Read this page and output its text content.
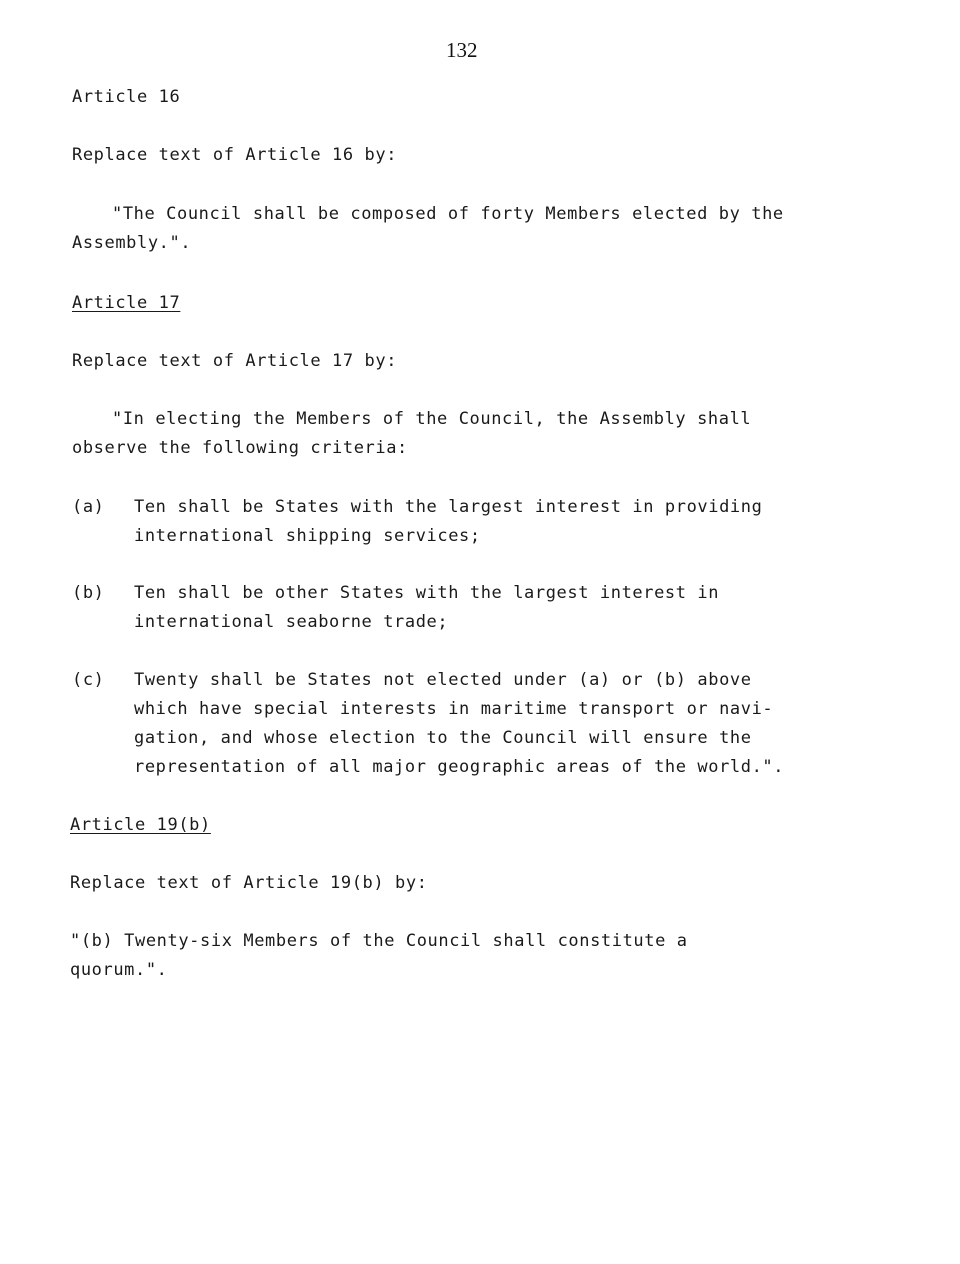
132
Article 16
Replace text of Article 16 by:
"The Council shall be composed of forty Members elected by the
Assembly.".
Article 17
Replace text of Article 17 by:
"In electing the Members of the Council, the Assembly shall
observe the following criteria:
(a) Ten shall be States with the largest interest in providing
international shipping services;
(b) Ten shall be other States with the largest interest in
international seaborne trade;
(c) Twenty shall be States not elected under (a) or (b) above
which have special interests in maritime transport or navi-
gation, and whose election to the Council will ensure the
representation of all major geographic areas of the world.".
Article 19(b)
Replace text of Article 19(b) by:
"(b) Twenty-six Members of the Council shall constitute a
quorum.".
